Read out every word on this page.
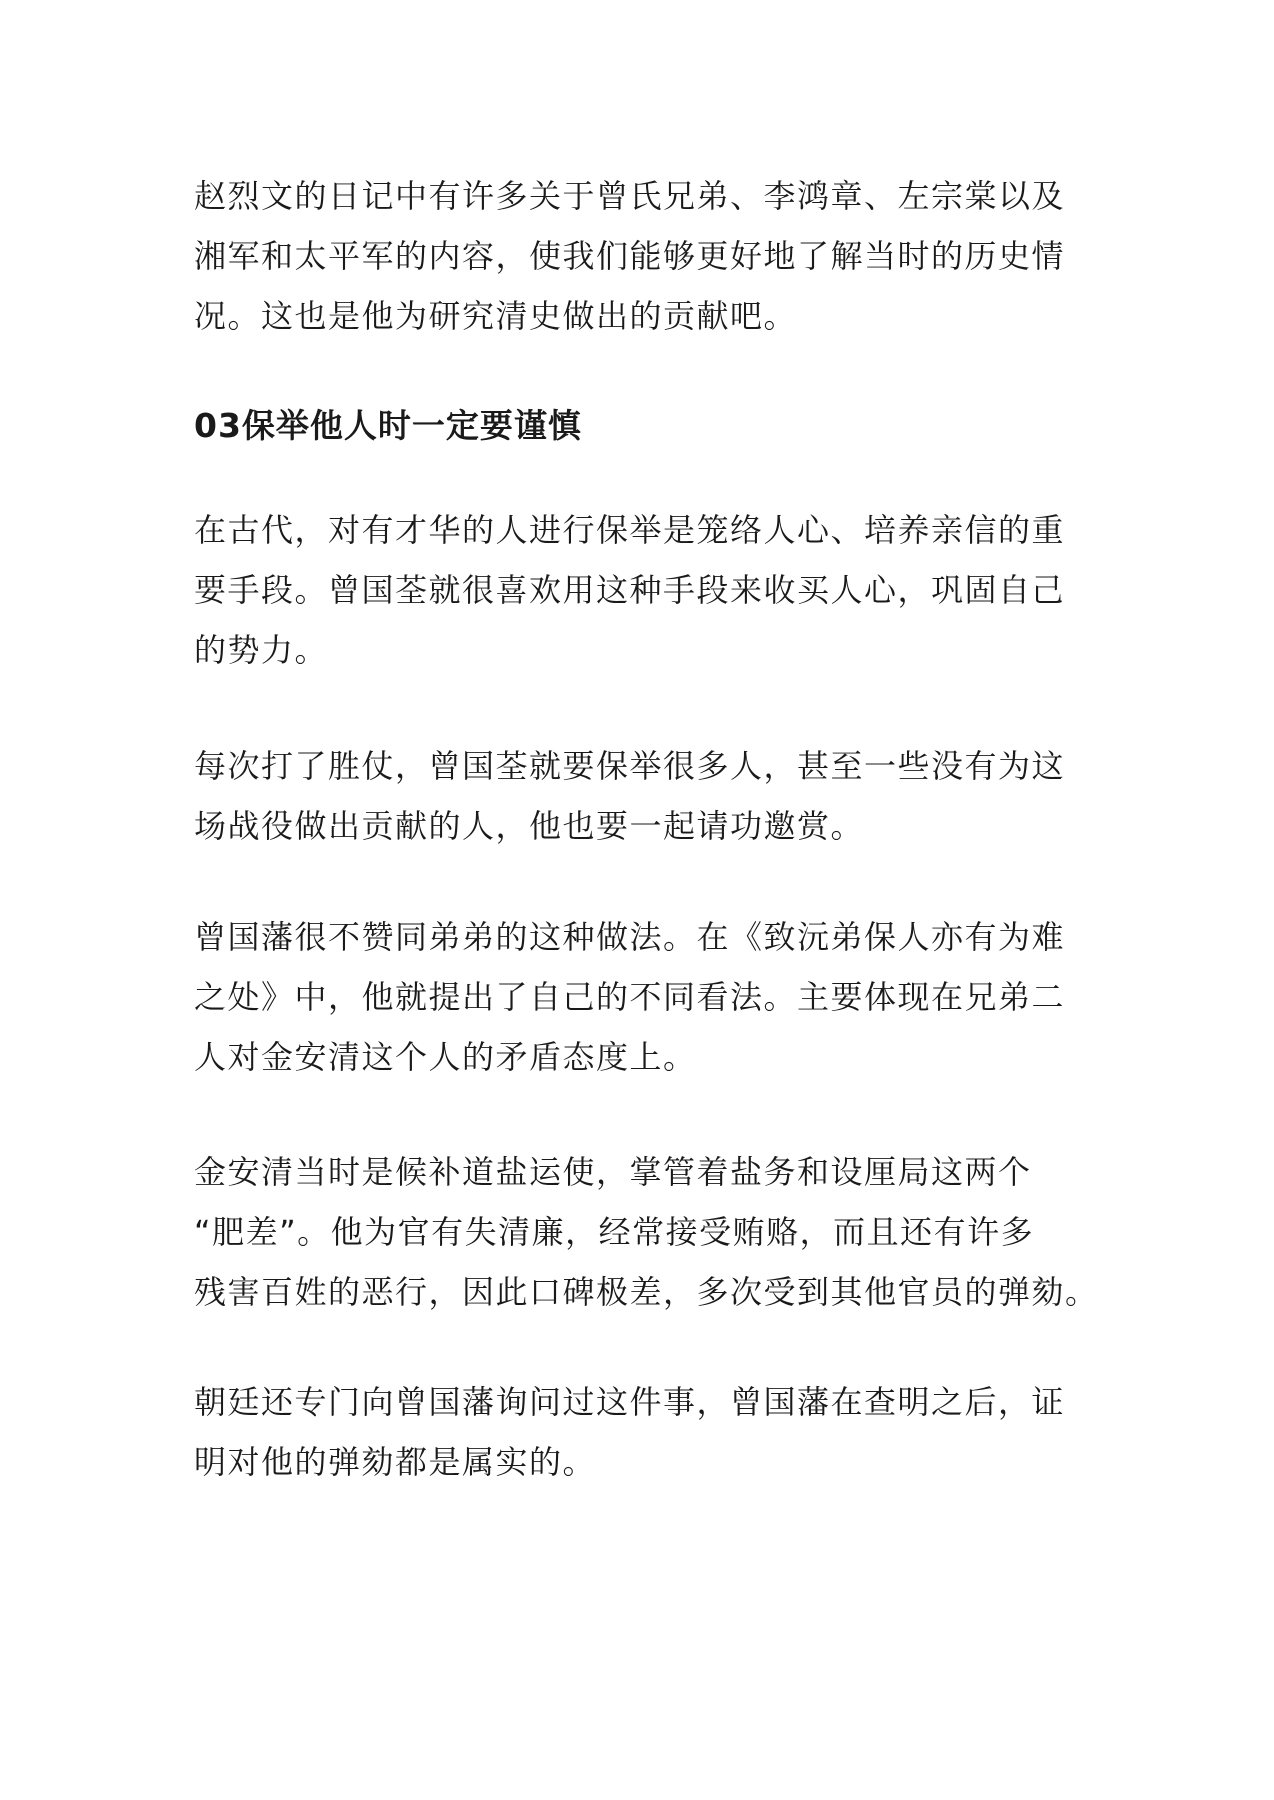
赵烈文的日记中有许多关于曾氏兄弟、李鸿章、左宗棠以及
湘军和太平军的内容，使我们能够更好地了解当时的历史情
况。这也是他为研究清史做出的贡献吧。
03保举他人时一定要谨慎
在古代，对有才华的人进行保举是笼络人心、培养亲信的重
要手段。曾国荃就很喜欢用这种手段来收买人心，巩固自己
的势力。
每次打了胜仗，曾国荃就要保举很多人，甚至一些没有为这
场战役做出贡献的人，他也要一起请功邀赏。
曾国藩很不赞同弟弟的这种做法。在《致沅弟保人亦有为难
之处》中，他就提出了自己的不同看法。主要体现在兄弟二
人对金安清这个人的矛盾态度上。
金安清当时是候补道盐运使，掌管着盐务和设厘局这两个
“肥差”。他为官有失清廉，经常接受贿赂，而且还有许多
残害百姓的恶行，因此口碑极差，多次受到其他官员的弹劾。
朝廷还专门向曾国藩询问过这件事，曾国藩在查明之后，证
明对他的弹劾都是属实的。
